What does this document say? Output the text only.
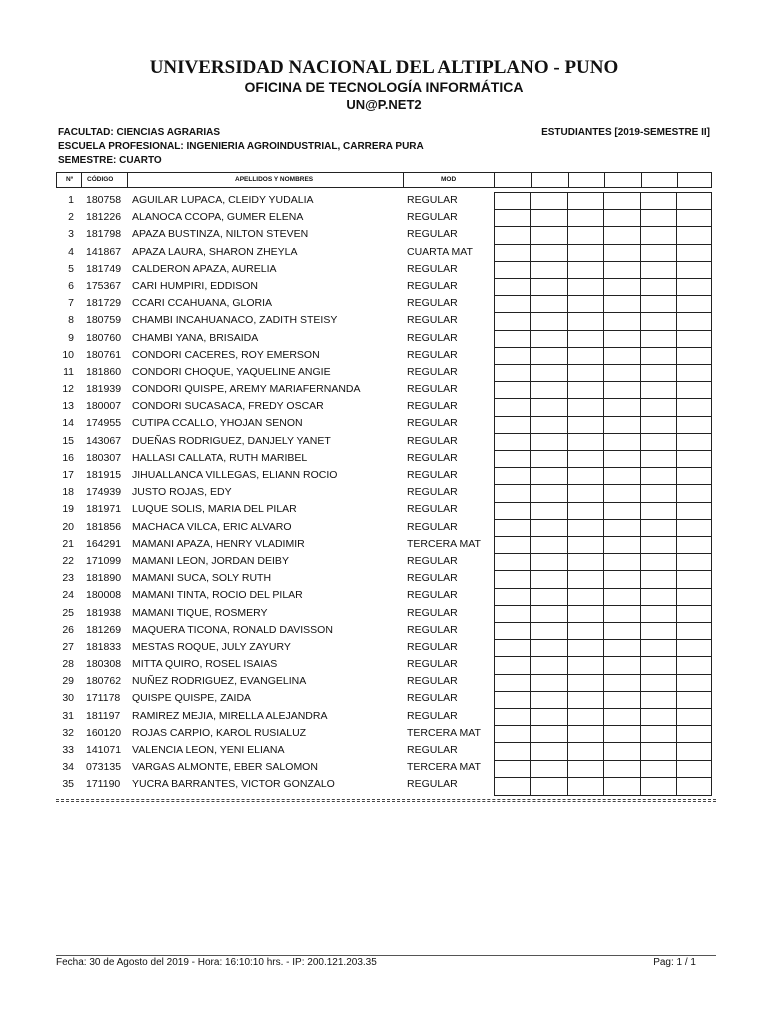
UNIVERSIDAD NACIONAL DEL ALTIPLANO - PUNO
OFICINA DE TECNOLOGÍA INFORMÁTICA
UN@P.NET2
FACULTAD: CIENCIAS AGRARIAS
ESCUELA PROFESIONAL: INGENIERIA AGROINDUSTRIAL, CARRERA PURA
SEMESTRE: CUARTO
ESTUDIANTES [2019-SEMESTRE II]
Nº CÓDIGO	APELLIDOS Y NOMBRES	MOD
1 180758 AGUILAR LUPACA, CLEIDY YUDALIA	REGULAR
2 181226 ALANOCA CCOPA, GUMER ELENA	REGULAR
3 181798 APAZA BUSTINZA, NILTON STEVEN	REGULAR
4 141867 APAZA LAURA, SHARON ZHEYLA	CUARTA MAT
5 181749 CALDERON APAZA, AURELIA	REGULAR
6 175367 CARI HUMPIRI, EDDISON	REGULAR
7 181729 CCARI CCAHUANA, GLORIA	REGULAR
8 180759 CHAMBI INCAHUANACO, ZADITH STEISY	REGULAR
9 180760 CHAMBI YANA, BRISAIDA	REGULAR
10 180761 CONDORI CACERES, ROY EMERSON	REGULAR
11 181860 CONDORI CHOQUE, YAQUELINE ANGIE	REGULAR
12 181939 CONDORI QUISPE, AREMY MARIAFERNANDA	REGULAR
13 180007 CONDORI SUCASACA, FREDY OSCAR	REGULAR
14 174955 CUTIPA CCALLO, YHOJAN SENON	REGULAR
15 143067 DUEÑAS RODRIGUEZ, DANJELY YANET	REGULAR
16 180307 HALLASI CALLATA, RUTH MARIBEL	REGULAR
17 181915 JIHUALLANCA VILLEGAS, ELIANN ROCIO	REGULAR
18 174939 JUSTO ROJAS, EDY	REGULAR
19 181971 LUQUE SOLIS, MARIA DEL PILAR	REGULAR
20 181856 MACHACA VILCA, ERIC ALVARO	REGULAR
21 164291 MAMANI APAZA, HENRY VLADIMIR	TERCERA MAT
22 171099 MAMANI LEON, JORDAN DEIBY	REGULAR
23 181890 MAMANI SUCA, SOLY RUTH	REGULAR
24 180008 MAMANI TINTA, ROCIO DEL PILAR	REGULAR
25 181938 MAMANI TIQUE, ROSMERY	REGULAR
26 181269 MAQUERA TICONA, RONALD DAVISSON	REGULAR
27 181833 MESTAS ROQUE, JULY ZAYURY	REGULAR
28 180308 MITTA QUIRO, ROSEL ISAIAS	REGULAR
29 180762 NUÑEZ RODRIGUEZ, EVANGELINA	REGULAR
30 171178 QUISPE QUISPE, ZAIDA	REGULAR
31 181197 RAMIREZ MEJIA, MIRELLA ALEJANDRA	REGULAR
32 160120 ROJAS CARPIO, KAROL RUSIALUZ	TERCERA MAT
33 141071 VALENCIA LEON, YENI ELIANA	REGULAR
34 073135 VARGAS ALMONTE, EBER SALOMON	TERCERA MAT
35 171190 YUCRA BARRANTES, VICTOR GONZALO	REGULAR
Fecha: 30 de Agosto del 2019 - Hora: 16:10:10 hrs. - IP: 200.121.203.35	Pag: 1 / 1
